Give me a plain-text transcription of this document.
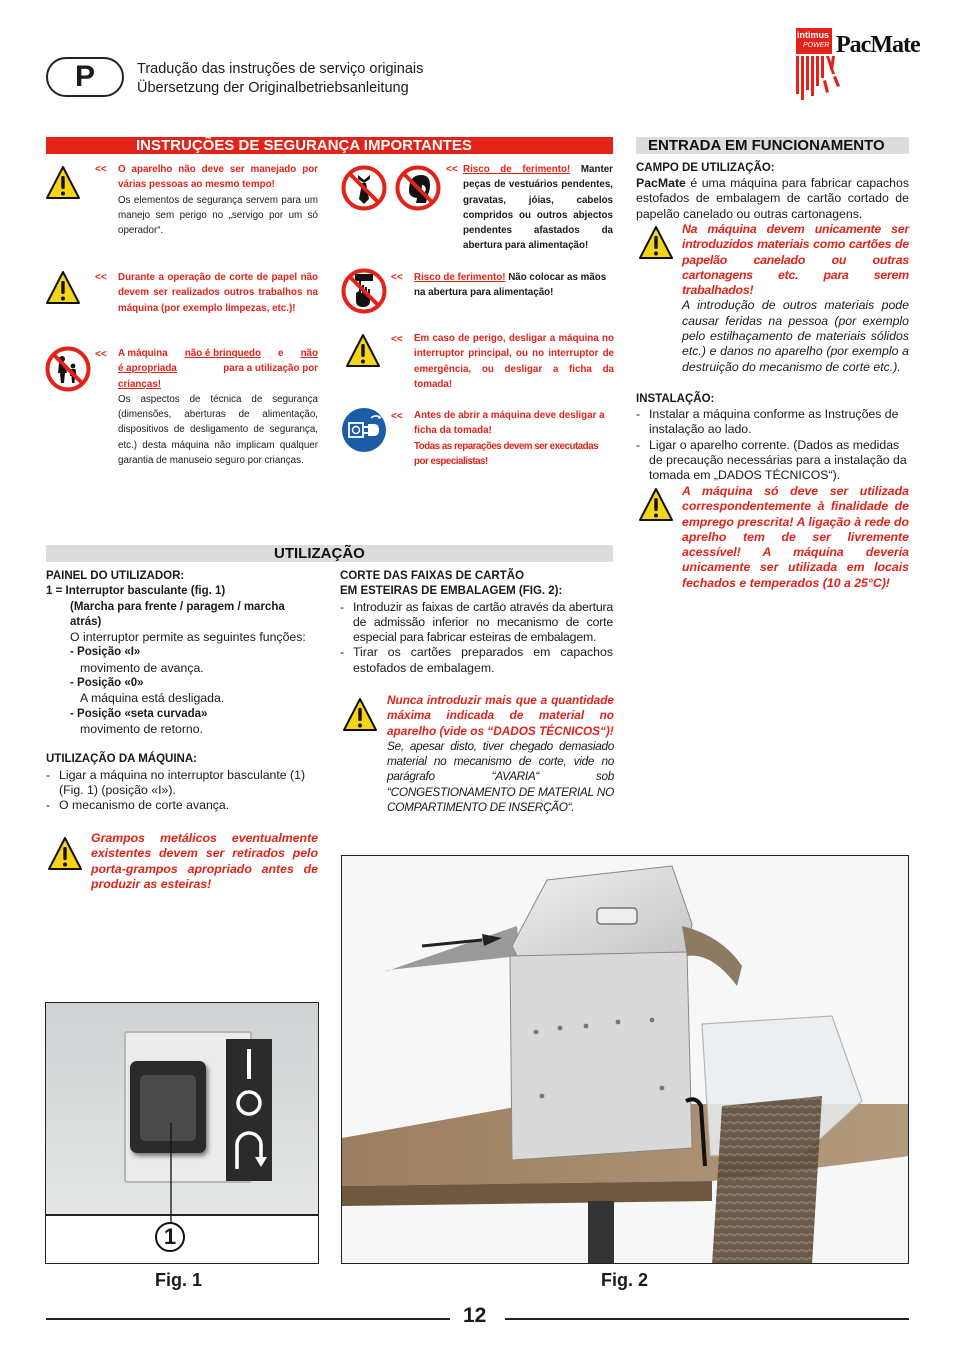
P	Tradução das instruções de serviço originais
Übersetzung der Originalbetriebsanleitung
intimus
POWER PacMate
INSTRUÇÕES DE SEGURANÇA IMPORTANTES
<< O aparelho não deve ser manejado por várias pessoas ao mesmo tempo!
Os elementos de segurança servem para um manejo sem perigo no „servigo por um só operador“.
<< Durante a operação de corte de papel não devem ser realizados outros trabalhos na máquina (por exemplo limpezas, etc.)!
<< A máquina não é brinquedo e não
é apropriada	para a utilização por
crianças!
Os aspectos de técnica de segurança (dimensões, aberturas de alimentação, dispositivos de desligamento de segurança, etc.) desta máquina não implicam qualquer garantia de manuseio seguro por crianças.
<< Risco de ferimento! Manter peças de vestuários pendentes, gravatas, jóias, cabelos compridos ou outros abjectos pendentes afastados da abertura para alimentação!
<< Risco de ferimento! Não colocar as mãos na abertura para alimentação!
<< Em caso de perigo, desligar a máquina no interruptor principal, ou no interruptor de emergência, ou desligar a ficha da tomada!
<< Antes de abrir a máquina deve desligar a ficha da tomada!
Todas as reparações devem ser executadas por especialistas!
ENTRADA EM FUNCIONAMENTO
CAMPO DE UTILIZAÇÃO:
PacMate é uma máquina para fabricar capachos estofados de embalagem de cartão cortado de papelão canelado ou outras cartonagens.
Na máquina devem unicamente ser introduzidos materiais como cartões de papelão canelado ou outras cartonagens etc. para serem trabalhados!
A introdução de outros materiais pode causar feridas na pessoa (por exemplo pelo estilhaçamento de materiais sólidos etc.) e danos no aparelho (por exemplo a destruição do mecanismo de corte etc.).
INSTALAÇÃO:
- Instalar a máquina conforme as Instruções de instalação ao lado.
- Ligar o aparelho corrente. (Dados as medidas de precaução necessárias para a instalação da tomada em „DADOS TÉCNICOS“).
A máquina só deve ser utilizada correspondentemente à finalidade de emprego prescrita! A ligação à rede do aprelho tem de ser livremente acessível! A máquina deveria unicamente ser utilizada em locais fechados e temperados (10 a 25°C)!
UTILIZAÇÃO
PAINEL DO UTILIZADOR:
1 = Interruptor basculante (fig. 1)
(Marcha para frente / paragem / marcha atrás)
O interruptor permite as seguintes funções:
- Posição «I»
movimento de avança.
- Posição «0»
A máquina está desligada.
- Posição «seta curvada»
movimento de retorno.
UTILIZAÇÃO DA MÁQUINA:
- Ligar a máquina no interruptor basculante (1) (Fig. 1) (posição «I»).
- O mecanismo de corte avança.
Grampos metálicos eventualmente existentes devem ser retirados pelo porta-grampos apropriado antes de produzir as esteiras!
CORTE DAS FAIXAS DE CARTÃO
EM ESTEIRAS DE EMBALAGEM (FIG. 2):
- Introduzir as faixas de cartão através da abertura de admissão inferior no mecanismo de corte especial para fabricar esteiras de embalagem.
- Tirar os cartões preparados em capachos estofados de embalagem.
Nunca introduzir mais que a quantidade máxima indicada de material no aparelho (vide os “DADOS TÉCNICOS“)!
Se, apesar disto, tiver chegado demasiado material no mecanismo de corte, vide no parágrafo “AVARIA“ sob “CONGESTIONAMENTO DE MATERIAL NO COMPARTIMENTO DE INSERÇÃO“.
1
Fig. 1	Fig. 2
12
